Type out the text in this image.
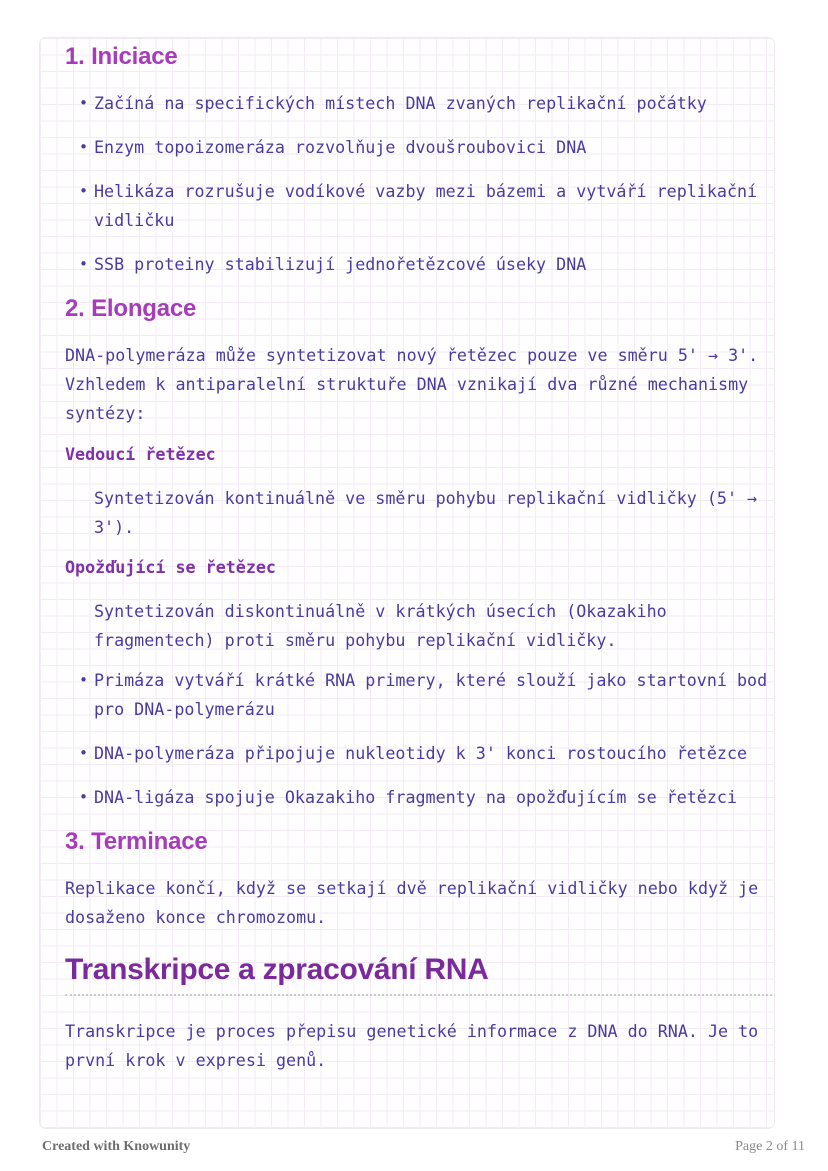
1. Iniciace
• Začíná na specifických místech DNA zvaných replikační počátky
• Enzym topoizomeráza rozvolňuje dvoušroubovici DNA
• Helikáza rozrušuje vodíkové vazby mezi bázemi a vytváří replikační vidličku
• SSB proteiny stabilizují jednořetězcové úseky DNA
2. Elongace

DNA-polymeráza může syntetizovat nový řetězec pouze ve směru 5' → 3'. Vzhledem k antiparalelní struktuře DNA vznikají dva různé mechanismy syntézy:

Vedoucí řetězec

Syntetizován kontinuálně ve směru pohybu replikační vidličky (5' → 3').

Opožďující se řetězec

Syntetizován diskontinuálně v krátkých úsecích (Okazakiho fragmentech) proti směru pohybu replikační vidličky.

• Primáza vytváří krátké RNA primery, které slouží jako startovní bod pro DNA-polymerázu
• DNA-polymeráza připojuje nukleotidy k 3' konci rostoucího řetězce
• DNA-ligáza spojuje Okazakiho fragmenty na opožďujícím se řetězci
3. Terminace

Replikace končí, když se setkají dvě replikační vidličky nebo když je dosaženo konce chromozomu.

Transkripce a zpracování RNA

Transkripce je proces přepisu genetické informace z DNA do RNA. Je to první krok v expresi genů.

Created with Knowunity	Page 2 of 11
